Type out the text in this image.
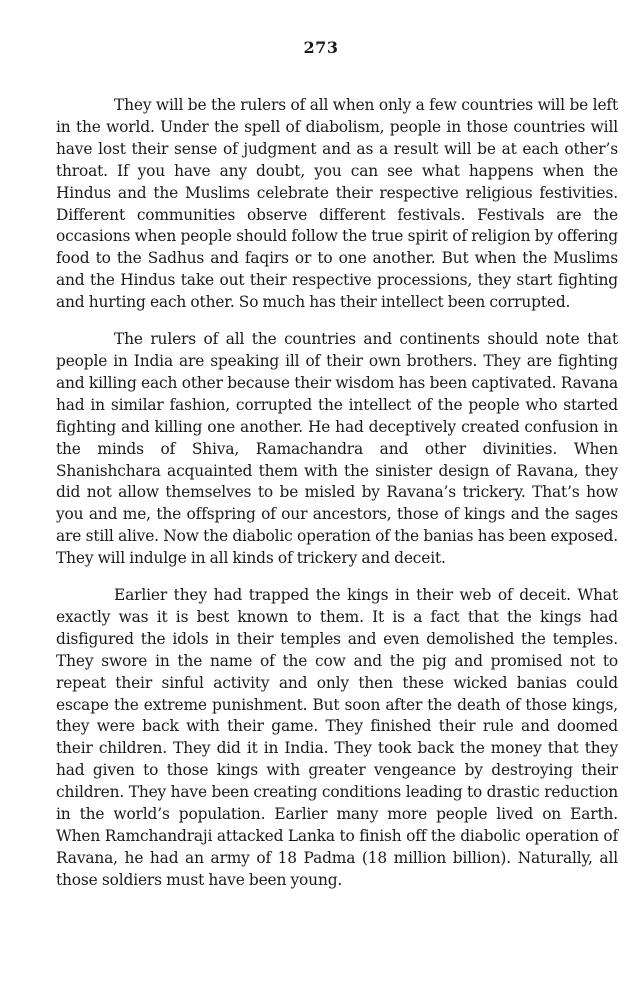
273

They will be the rulers of all when only a few countries will be left in the world. Under the spell of diabolism, people in those countries will have lost their sense of judgment and as a result will be at each other’s throat. If you have any doubt, you can see what happens when the Hindus and the Muslims celebrate their respective religious festivities. Different communities observe different festivals. Festivals are the occasions when people should follow the true spirit of religion by offering food to the Sadhus and faqirs or to one another. But when the Muslims and the Hindus take out their respective processions, they start fighting and hurting each other. So much has their intellect been corrupted.

The rulers of all the countries and continents should note that people in India are speaking ill of their own brothers. They are fighting and killing each other because their wisdom has been captivated. Ravana had in similar fashion, corrupted the intellect of the people who started fighting and killing one another. He had deceptively created confusion in the minds of Shiva, Ramachandra and other divinities. When Shanishchara acquainted them with the sinister design of Ravana, they did not allow themselves to be misled by Ravana’s trickery. That’s how you and me, the offspring of our ancestors, those of kings and the sages are still alive. Now the diabolic operation of the banias has been exposed. They will indulge in all kinds of trickery and deceit.

Earlier they had trapped the kings in their web of deceit. What exactly was it is best known to them. It is a fact that the kings had disfigured the idols in their temples and even demolished the temples. They swore in the name of the cow and the pig and promised not to repeat their sinful activity and only then these wicked banias could escape the extreme punishment. But soon after the death of those kings, they were back with their game. They finished their rule and doomed their children. They did it in India. They took back the money that they had given to those kings with greater vengeance by destroying their children. They have been creating conditions leading to drastic reduction in the world’s population. Earlier many more people lived on Earth. When Ramchandraji attacked Lanka to finish off the diabolic operation of Ravana, he had an army of 18 Padma (18 million billion). Naturally, all those soldiers must have been young.
